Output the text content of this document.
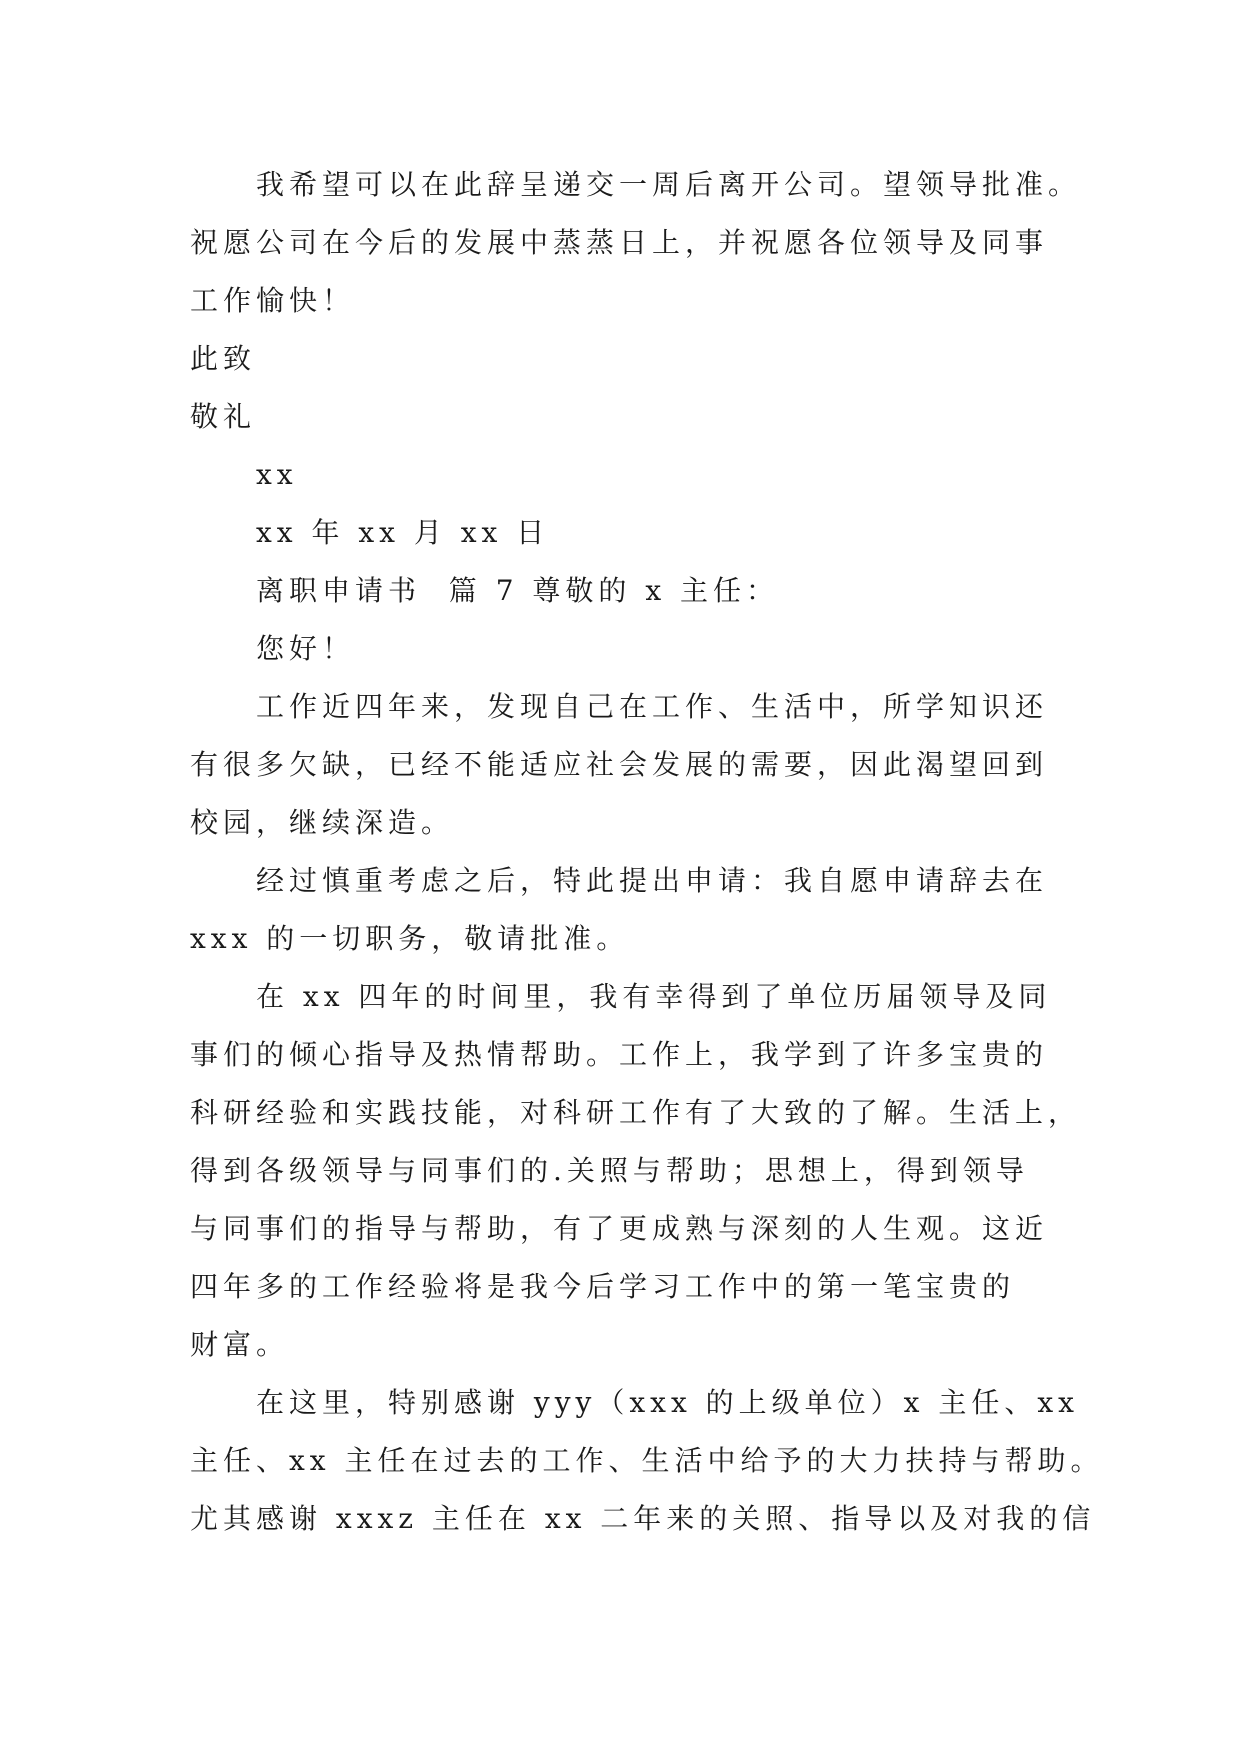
我希望可以在此辞呈递交一周后离开公司。望领导批准。
祝愿公司在今后的发展中蒸蒸日上，并祝愿各位领导及同事
工作愉快！
此致
敬礼
xx
xx 年 xx 月 xx 日
离职申请书  篇 7 尊敬的 x 主任：
您好！
工作近四年来，发现自己在工作、生活中，所学知识还
有很多欠缺，已经不能适应社会发展的需要，因此渴望回到
校园，继续深造。
经过慎重考虑之后，特此提出申请：我自愿申请辞去在
xxx 的一切职务，敬请批准。
在 xx 四年的时间里，我有幸得到了单位历届领导及同
事们的倾心指导及热情帮助。工作上，我学到了许多宝贵的
科研经验和实践技能，对科研工作有了大致的了解。生活上，
得到各级领导与同事们的.关照与帮助；思想上，得到领导
与同事们的指导与帮助，有了更成熟与深刻的人生观。这近
四年多的工作经验将是我今后学习工作中的第一笔宝贵的
财富。
在这里，特别感谢 yyy（xxx 的上级单位）x 主任、xx
主任、xx 主任在过去的工作、生活中给予的大力扶持与帮助。
尤其感谢 xxxz 主任在 xx 二年来的关照、指导以及对我的信
